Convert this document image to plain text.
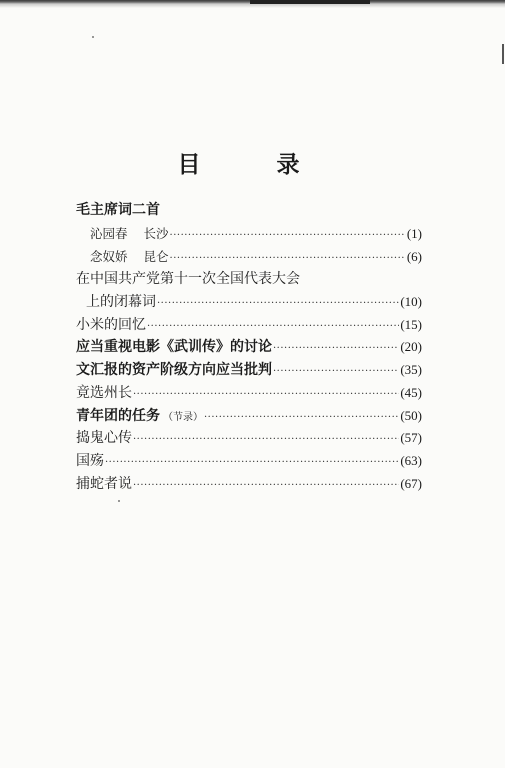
目 录
毛主席词二首
沁园春 长沙 ·····	(1)
念奴娇 昆仑 ·····	(6)
在中国共产党第十一次全国代表大会
上的闭幕词 ·····	(10)
小米的回忆 ·····	(15)
应当重视电影《武训传》的讨论 ·····	(20)
文汇报的资产阶级方向应当批判 ·····	(35)
竟选州长 ·····	(45)
青年团的任务 （节录） ·····	(50)
捣鬼心传 ·····	(57)
国殇 ·····	(63)
捕蛇者说 ·····	(67)
